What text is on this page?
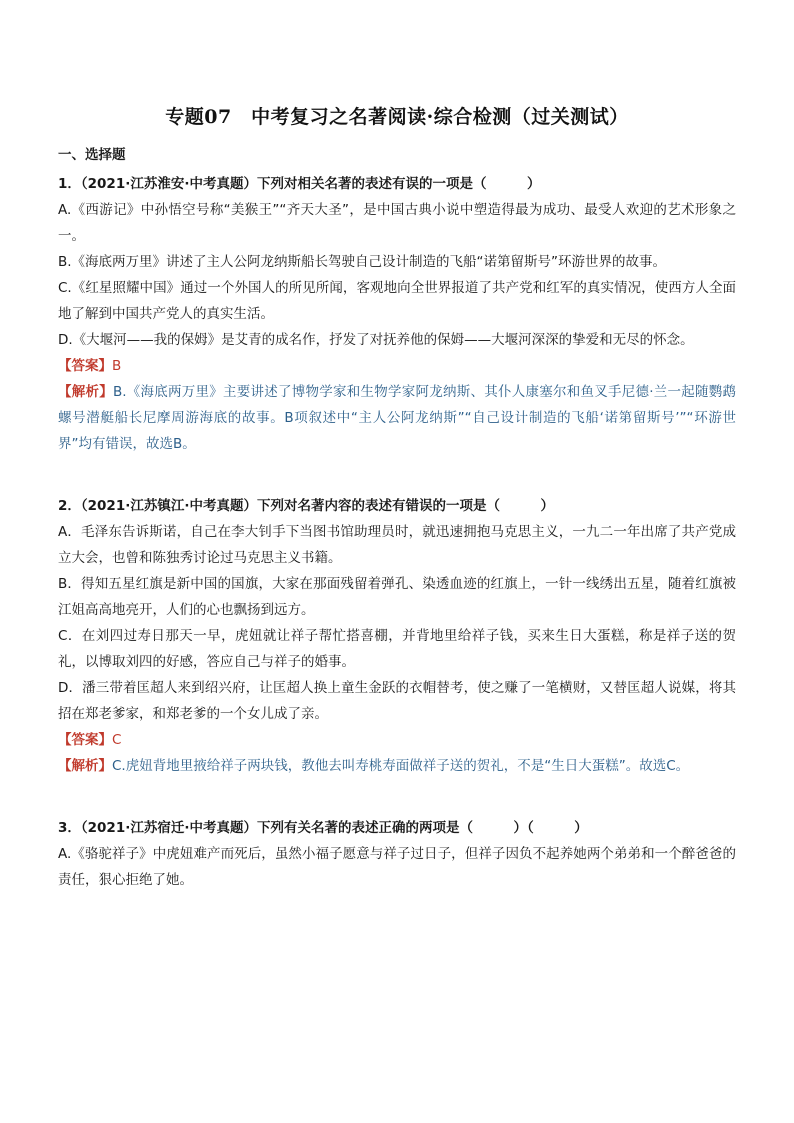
专题07　中考复习之名著阅读·综合检测（过关测试）
一、选择题

1．（2021·江苏淮安·中考真题）下列对相关名著的表述有误的一项是（　　　）

A.《西游记》中孙悟空号称“美猴王”“齐天大圣”，是中国古典小说中塑造得最为成功、最受人欢迎的艺术形象之一。

B.《海底两万里》讲述了主人公阿龙纳斯船长驾驶自己设计制造的飞船“诺第留斯号”环游世界的故事。

C.《红星照耀中国》通过一个外国人的所见所闻，客观地向全世界报道了共产党和红军的真实情况，使西方人全面地了解到中国共产党人的真实生活。

D.《大堰河——我的保姆》是艾青的成名作，抒发了对抚养他的保姆——大堰河深深的挚爱和无尽的怀念。

【答案】B

【解析】B.《海底两万里》主要讲述了博物学家和生物学家阿龙纳斯、其仆人康塞尔和鱼叉手尼德·兰一起随鹦鹉螺号潜艇船长尼摩周游海底的故事。B项叙述中“主人公阿龙纳斯”“自己设计制造的飞船‘诺第留斯号’”“环游世界”均有错误，故选B。

2．（2021·江苏镇江·中考真题）下列对名著内容的表述有错误的一项是（　　　）

A．毛泽东告诉斯诺，自己在李大钊手下当图书馆助理员时，就迅速拥抱马克思主义，一九二一年出席了共产党成立大会，也曾和陈独秀讨论过马克思主义书籍。

B．得知五星红旗是新中国的国旗，大家在那面残留着弹孔、染透血迹的红旗上，一针一线绣出五星，随着红旗被江姐高高地亮开，人们的心也飘扬到远方。

C．在刘四过寿日那天一早，虎妞就让祥子帮忙搭喜棚，并背地里给祥子钱，买来生日大蛋糕，称是祥子送的贺礼，以博取刘四的好感，答应自己与祥子的婚事。

D．潘三带着匡超人来到绍兴府，让匡超人换上童生金跃的衣帽替考，使之赚了一笔横财，又替匡超人说媒，将其招在郑老爹家，和郑老爹的一个女儿成了亲。

【答案】C

【解析】C.虎妞背地里掖给祥子两块钱，教他去叫寿桃寿面做祥子送的贺礼，不是“生日大蛋糕”。故选C。

3．（2021·江苏宿迁·中考真题）下列有关名著的表述正确的两项是（　　　）（　　　）

A.《骆驼祥子》中虎妞难产而死后，虽然小福子愿意与祥子过日子，但祥子因负不起养她两个弟弟和一个醉爸爸的责任，狠心拒绝了她。
